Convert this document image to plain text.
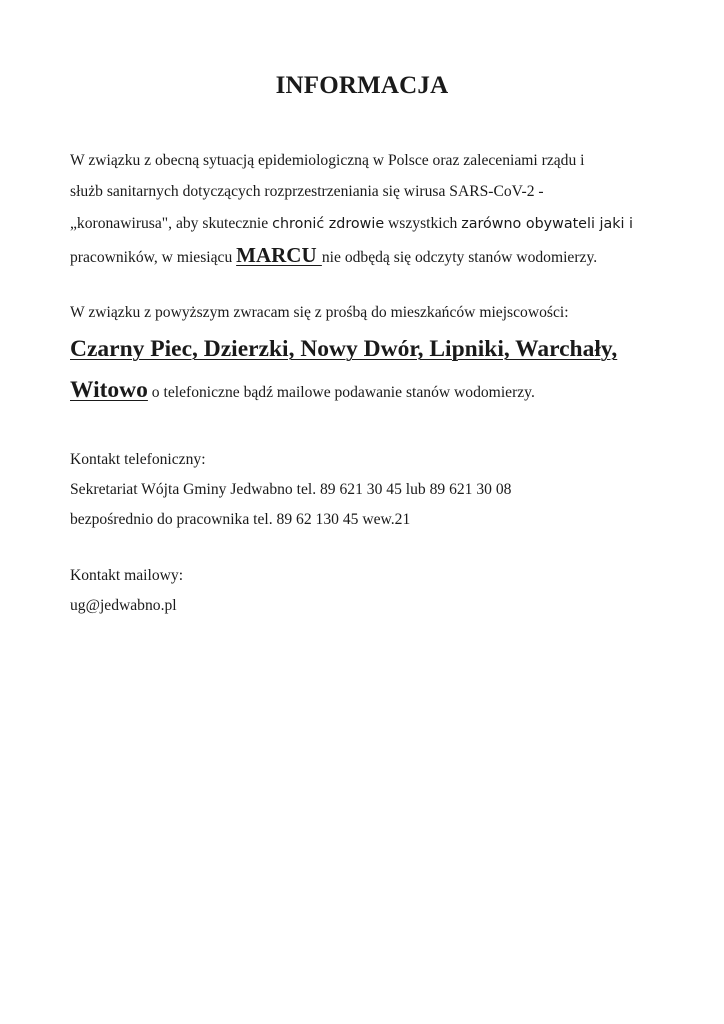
INFORMACJA

W związku z obecną sytuacją epidemiologiczną w Polsce oraz zaleceniami rządu i
służb sanitarnych dotyczących rozprzestrzeniania się wirusa SARS-CoV-2 -
„koronawirusa", aby skutecznie chronić zdrowie wszystkich zarówno obywateli jaki i
pracowników, w miesiącu MARCU nie odbędą się odczyty stanów wodomierzy.

W związku z powyższym zwracam się z prośbą do mieszkańców miejscowości:

Czarny Piec, Dzierzki, Nowy Dwór, Lipniki, Warchały,
Witowo o telefoniczne bądź mailowe podawanie stanów wodomierzy.

Kontakt telefoniczny:
Sekretariat Wójta Gminy Jedwabno tel. 89 621 30 45 lub 89 621 30 08
bezpośrednio do pracownika tel. 89 62 130 45 wew.21
Kontakt mailowy:
ug@jedwabno.pl
